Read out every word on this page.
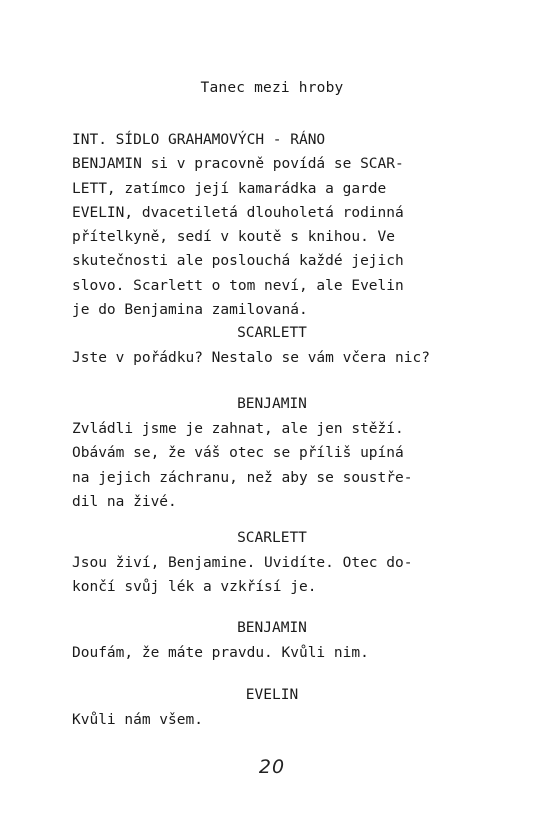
Tanec mezi hroby
INT. SÍDLO GRAHAMOVÝCH - RÁNO
BENJAMIN si v pracovně povídá se SCAR-
LETT, zatímco její kamarádka a garde
EVELIN, dvacetiletá dlouholetá rodinná
přítelkyně, sedí v koutě s knihou. Ve
skutečnosti ale poslouchá každé jejich
slovo. Scarlett o tom neví, ale Evelin
je do Benjamina zamilovaná.
SCARLETT
Jste v pořádku? Nestalo se vám včera nic?
BENJAMIN
Zvládli jsme je zahnat, ale jen stěží.
Obávám se, že váš otec se příliš upíná
na jejich záchranu, než aby se soustře-
dil na živé.
SCARLETT
Jsou živí, Benjamine. Uvidíte. Otec do-
končí svůj lék a vzkřísí je.
BENJAMIN
Doufám, že máte pravdu. Kvůli nim.
EVELIN
Kvůli nám všem.
20
